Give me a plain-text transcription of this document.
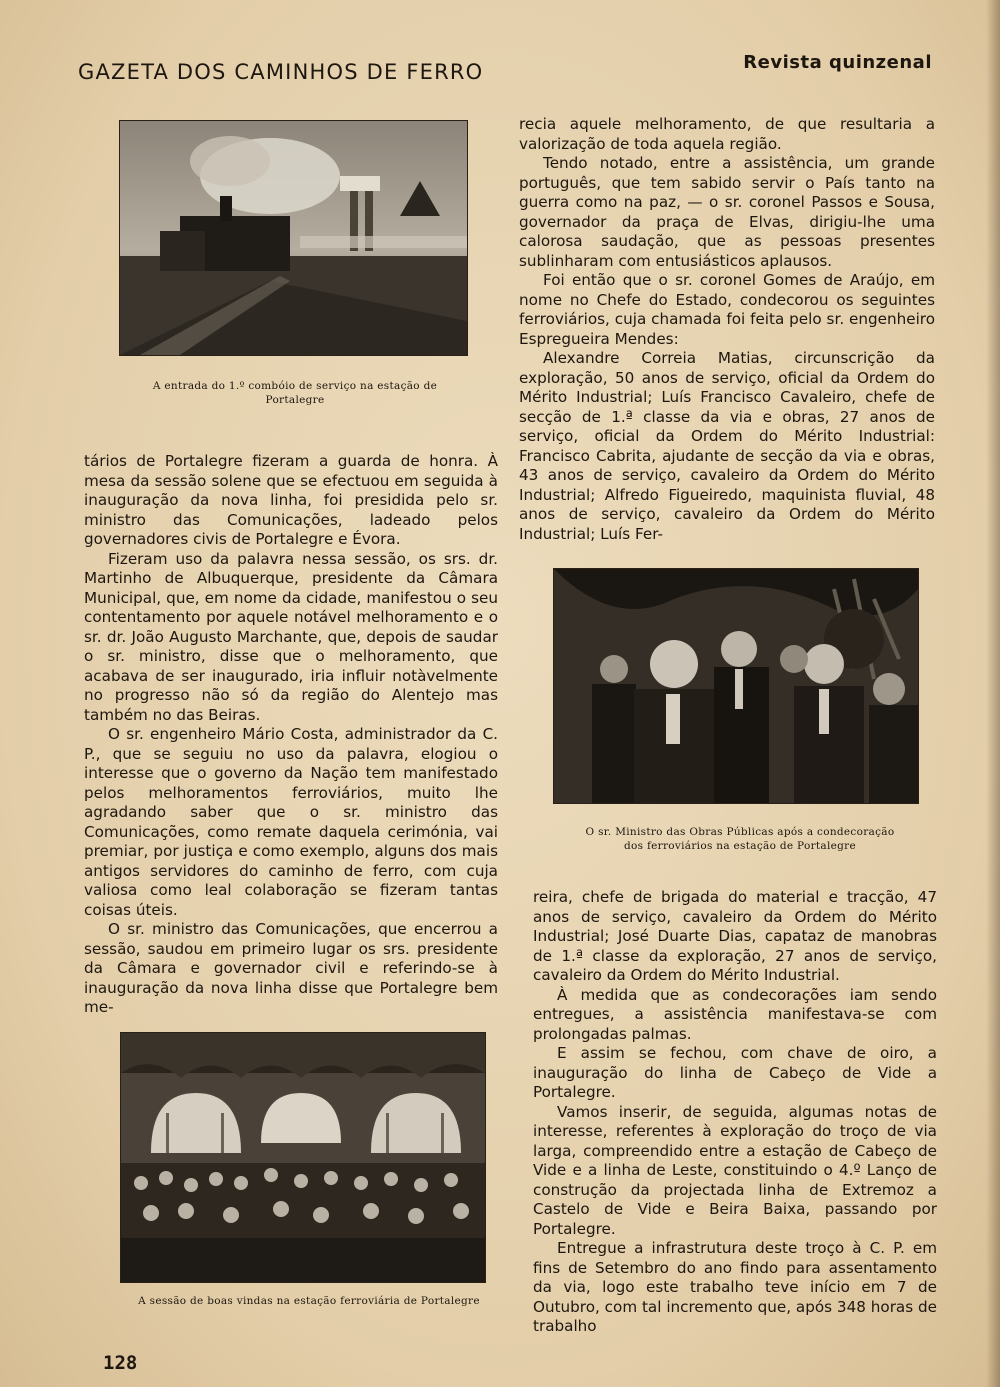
GAZETA DOS CAMINHOS DE FERRO	Revista quinzenal
A entrada do 1.º combóio de serviço na estação de Portalegre

tários de Portalegre fizeram a guarda de honra. À mesa da sessão solene que se efectuou em seguida à inauguração da nova linha, foi presidida pelo sr. ministro das Comunicações, ladeado pelos governadores civis de Portalegre e Évora.

Fizeram uso da palavra nessa sessão, os srs. dr. Martinho de Albuquerque, presidente da Câmara Municipal, que, em nome da cidade, manifestou o seu contentamento por aquele notável melhoramento e o sr. dr. João Augusto Marchante, que, depois de saudar o sr. ministro, disse que o melhoramento, que acabava de ser inaugurado, iria influir notàvelmente no progresso não só da região do Alentejo mas também no das Beiras.

O sr. engenheiro Mário Costa, administrador da C. P., que se seguiu no uso da palavra, elogiou o interesse que o governo da Nação tem manifestado pelos melhoramentos ferroviários, muito lhe agradando saber que o sr. ministro das Comunicações, como remate daquela cerimónia, vai premiar, por justiça e como exemplo, alguns dos mais antigos servidores do caminho de ferro, com cuja valiosa como leal colaboração se fizeram tantas coisas úteis.

O sr. ministro das Comunicações, que encerrou a sessão, saudou em primeiro lugar os srs. presidente da Câmara e governador civil e referindo-se à inauguração da nova linha disse que Portalegre bem me-

recia aquele melhoramento, de que resultaria a valorização de toda aquela região.

Tendo notado, entre a assistência, um grande português, que tem sabido servir o País tanto na guerra como na paz, — o sr. coronel Passos e Sousa, governador da praça de Elvas, dirigiu-lhe uma calorosa saudação, que as pessoas presentes sublinharam com entusiásticos aplausos.

Foi então que o sr. coronel Gomes de Araújo, em nome no Chefe do Estado, condecorou os seguintes ferroviários, cuja chamada foi feita pelo sr. engenheiro Espregueira Mendes:

Alexandre Correia Matias, circunscrição da exploração, 50 anos de serviço, oficial da Ordem do Mérito Industrial; Luís Francisco Cavaleiro, chefe de secção de 1.ª classe da via e obras, 27 anos de serviço, oficial da Ordem do Mérito Industrial: Francisco Cabrita, ajudante de secção da via e obras, 43 anos de serviço, cavaleiro da Ordem do Mérito Industrial; Alfredo Figueiredo, maquinista fluvial, 48 anos de serviço, cavaleiro da Ordem do Mérito Industrial; Luís Fer-

O sr. Ministro das Obras Públicas após a condecoração
dos ferroviários na estação de Portalegre

reira, chefe de brigada do material e tracção, 47 anos de serviço, cavaleiro da Ordem do Mérito Industrial; José Duarte Dias, capataz de manobras de 1.ª classe da exploração, 27 anos de serviço, cavaleiro da Ordem do Mérito Industrial.

À medida que as condecorações iam sendo entregues, a assistência manifestava-se com prolongadas palmas.

E assim se fechou, com chave de oiro, a inauguração do linha de Cabeço de Vide a Portalegre.

Vamos inserir, de seguida, algumas notas de interesse, referentes à exploração do troço de via larga, compreendido entre a estação de Cabeço de Vide e a linha de Leste, constituindo o 4.º Lanço de construção da projectada linha de Extremoz a Castelo de Vide e Beira Baixa, passando por Portalegre.

Entregue a infrastrutura deste troço à C. P. em fins de Setembro do ano findo para assentamento da via, logo este trabalho teve início em 7 de Outubro, com tal incremento que, após 348 horas de trabalho

A sessão de boas vindas na estação ferroviária de Portalegre
128
